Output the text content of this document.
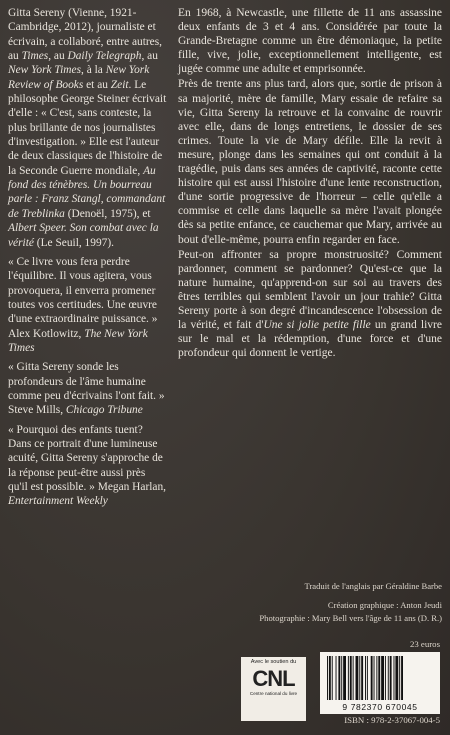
Gitta Sereny (Vienne, 1921-Cambridge, 2012), journaliste et écrivain, a collaboré, entre autres, au Times, au Daily Telegraph, au New York Times, à la New York Review of Books et au Zeit. Le philosophe George Steiner écrivait d'elle : « C'est, sans conteste, la plus brillante de nos journalistes d'investigation. » Elle est l'auteur de deux classiques de l'histoire de la Seconde Guerre mondiale, Au fond des ténèbres. Un bourreau parle : Franz Stangl, commandant de Treblinka (Denoël, 1975), et Albert Speer. Son combat avec la vérité (Le Seuil, 1997).

« Ce livre vous fera perdre l'équilibre. Il vous agitera, vous provoquera, il enverra promener toutes vos certitudes. Une œuvre d'une extraordinaire puissance. » Alex Kotlowitz, The New York Times

« Gitta Sereny sonde les profondeurs de l'âme humaine comme peu d'écrivains l'ont fait. » Steve Mills, Chicago Tribune

« Pourquoi des enfants tuent? Dans ce portrait d'une lumineuse acuité, Gitta Sereny s'approche de la réponse peut-être aussi près qu'il est possible. » Megan Harlan, Entertainment Weekly

En 1968, à Newcastle, une fillette de 11 ans assassine deux enfants de 3 et 4 ans. Considérée par toute la Grande-Bretagne comme un être démoniaque, la petite fille, vive, jolie, exceptionnellement intelligente, est jugée comme une adulte et emprisonnée.

Près de trente ans plus tard, alors que, sortie de prison à sa majorité, mère de famille, Mary essaie de refaire sa vie, Gitta Sereny la retrouve et la convainc de rouvrir avec elle, dans de longs entretiens, le dossier de ses crimes. Toute la vie de Mary défile. Elle la revit à mesure, plonge dans les semaines qui ont conduit à la tragédie, puis dans ses années de captivité, raconte cette histoire qui est aussi l'histoire d'une lente reconstruction, d'une sortie progressive de l'horreur – celle qu'elle a commise et celle dans laquelle sa mère l'avait plongée dès sa petite enfance, ce cauchemar que Mary, arrivée au bout d'elle-même, pourra enfin regarder en face.

Peut-on affronter sa propre monstruosité? Comment pardonner, comment se pardonner? Qu'est-ce que la nature humaine, qu'apprend-on sur soi au travers des êtres terribles qui semblent l'avoir un jour trahie? Gitta Sereny porte à son degré d'incandescence l'obsession de la vérité, et fait d'Une si jolie petite fille un grand livre sur le mal et la rédemption, d'une force et d'une profondeur qui donnent le vertige.

Traduit de l'anglais par Géraldine Barbe
Création graphique : Anton Jeudi
Photographie : Mary Bell vers l'âge de 11 ans (D. R.)
23 euros
Avec le soutien du
CNL
Centre national du livre
9 782370 670045
ISBN : 978-2-37067-004-5
